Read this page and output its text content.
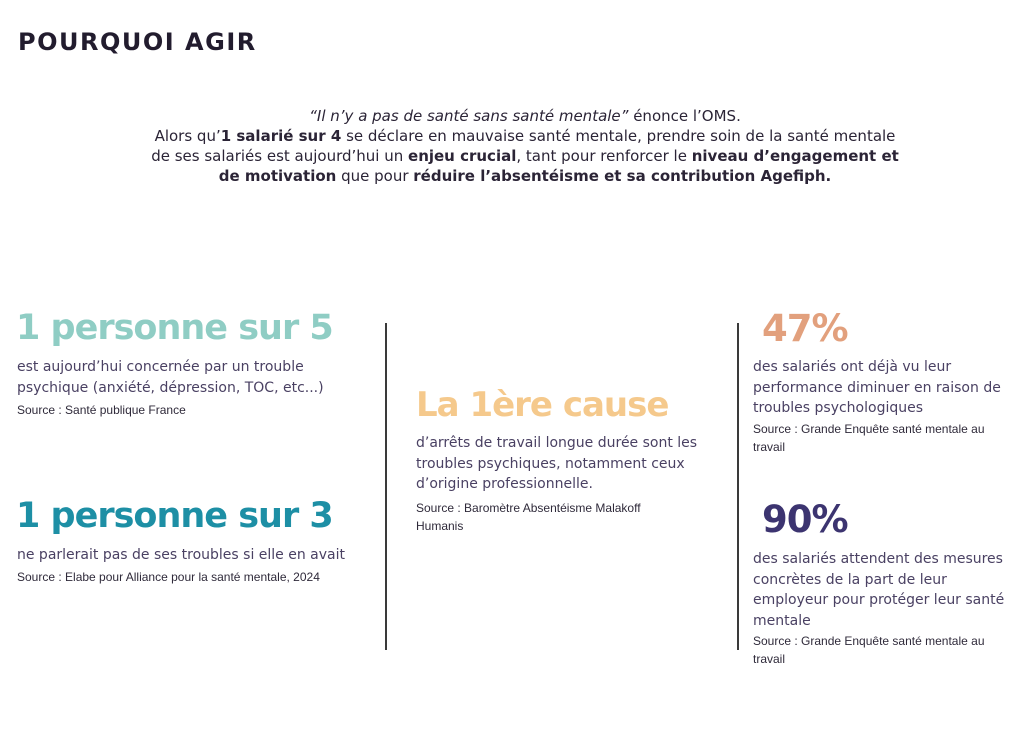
POURQUOI AGIR
“Il n’y a pas de santé sans santé mentale” énonce l’OMS.
Alors qu’1 salarié sur 4 se déclare en mauvaise santé mentale, prendre soin de la santé mentale de ses salariés est aujourd’hui un enjeu crucial, tant pour renforcer le niveau d’engagement et de motivation que pour réduire l’absentéisme et sa contribution Agefiph.
1 personne sur 5
est aujourd’hui concernée par un trouble psychique (anxiété, dépression, TOC, etc...)
Source : Santé publique France
1 personne sur 3
ne parlerait pas de ses troubles si elle en avait
Source : Elabe pour Alliance pour la santé mentale, 2024
La 1ère cause
d’arrêts de travail longue durée sont les troubles psychiques, notamment ceux d’origine professionnelle.
Source : Baromètre Absentéisme Malakoff Humanis
47%
des salariés ont déjà vu leur performance diminuer en raison de troubles psychologiques
Source : Grande Enquête santé mentale au travail
90%
des salariés attendent des mesures concrètes de la part de leur employeur pour protéger leur santé mentale
Source : Grande Enquête santé mentale au travail
